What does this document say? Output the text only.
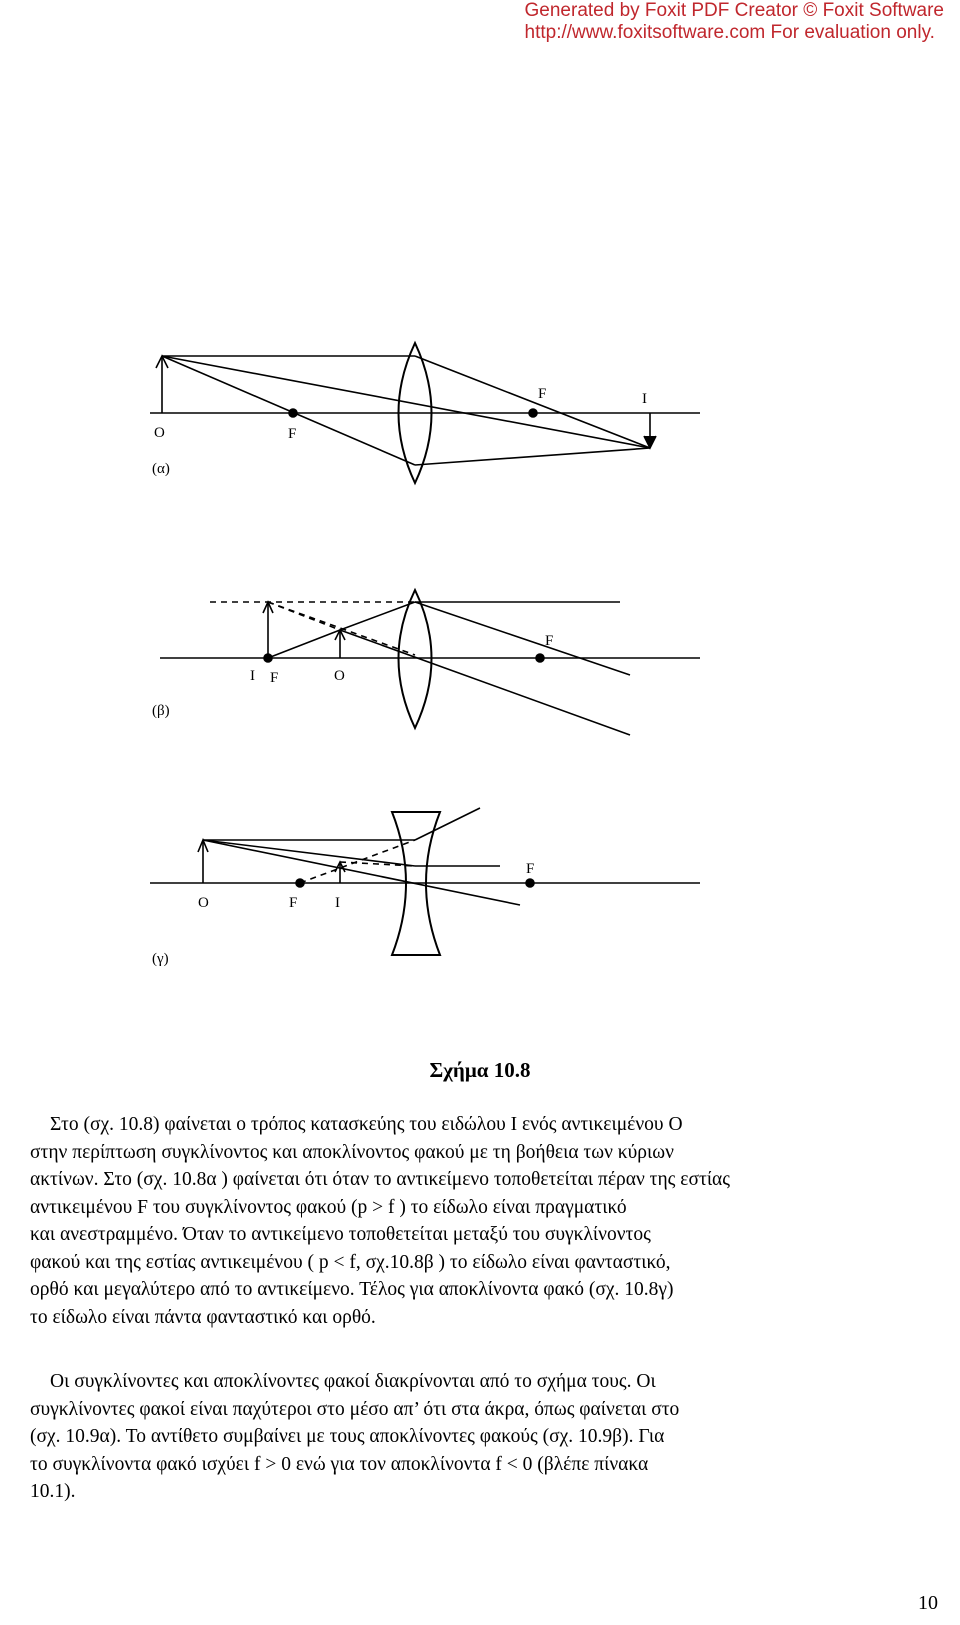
Generated by Foxit PDF Creator © Foxit Software
http://www.foxitsoftware.com For evaluation only.
O	F
F	I
(α)
I F	O
F
(β)
O	F	I
F
(γ)
Σχήμα 10.8
Στο (σχ. 10.8) φαίνεται ο τρόπος κατασκεύης του ειδώλου Ι ενός αντικειμένου Ο
στην περίπτωση συγκλίνοντος και αποκλίνοντος φακού με τη βοήθεια των κύριων
ακτίνων. Στο (σχ. 10.8α ) φαίνεται ότι όταν το αντικείμενο τοποθετείται πέραν της εστίας
αντικειμένου F του συγκλίνοντος φακού (p > f ) το είδωλο είναι πραγματικό
και ανεστραμμένο. Όταν το αντικείμενο τοποθετείται μεταξύ του συγκλίνοντος
φακού και της εστίας αντικειμένου ( p < f, σχ.10.8β ) το είδωλο είναι φανταστικό,
ορθό και μεγαλύτερο από το αντικείμενο. Τέλος για αποκλίνοντα φακό (σχ. 10.8γ)
το είδωλο είναι πάντα φανταστικό και ορθό.
Οι συγκλίνοντες και αποκλίνοντες φακοί διακρίνονται από το σχήμα τους. Οι
συγκλίνοντες φακοί είναι παχύτεροι στο μέσο απ’ ότι στα άκρα, όπως φαίνεται στο
(σχ. 10.9α). Το αντίθετο συμβαίνει με τους αποκλίνοντες φακούς (σχ. 10.9β). Για
το συγκλίνοντα φακό ισχύει f > 0 ενώ για τον αποκλίνοντα f < 0 (βλέπε πίνακα
10.1).
10
